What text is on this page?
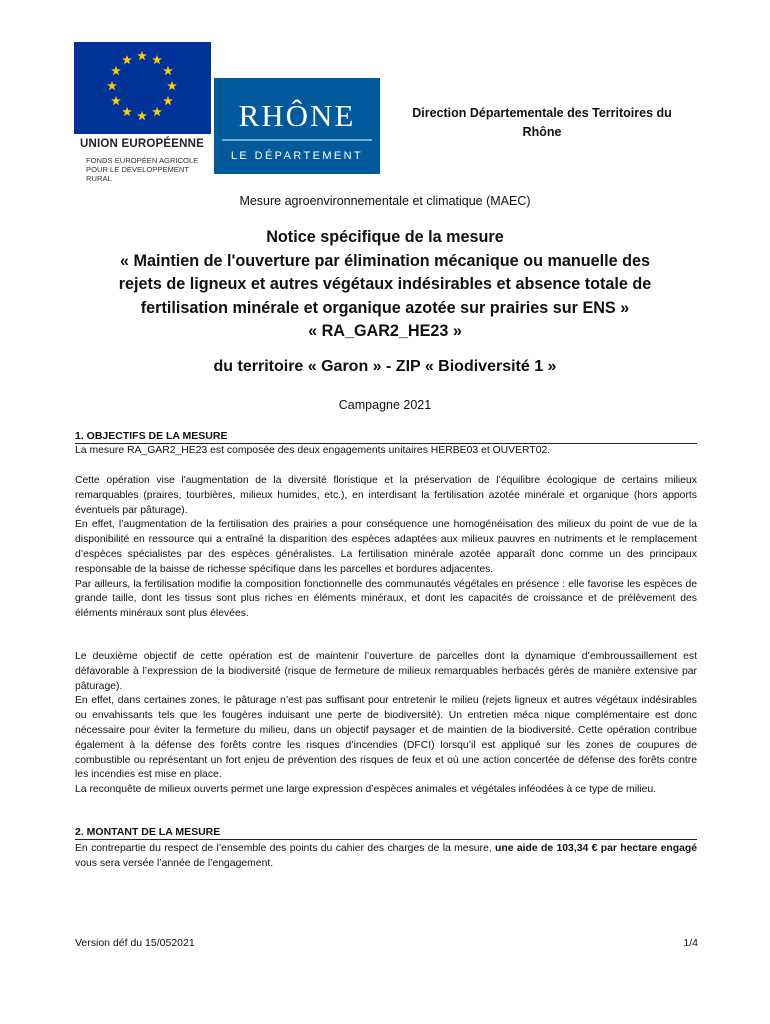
UNION EUROPÉENNE
FONDS EUROPÉEN AGRICOLE
POUR LE DÉVELOPPEMENT RURAL
RHÔNE
LE DÉPARTEMENT
Direction Départementale des Territoires du
Rhône
Mesure agroenvironnementale et climatique (MAEC)
Notice spécifique de la mesure
« Maintien de l'ouverture par élimination mécanique ou manuelle des
rejets de ligneux et autres végétaux indésirables et absence totale de
fertilisation minérale et organique azotée sur prairies sur ENS »
« RA_GAR2_HE23 »
du territoire « Garon » - ZIP « Biodiversité 1 »
Campagne 2021
1. OBJECTIFS DE LA MESURE

La mesure RA_GAR2_HE23 est composée des deux engagements unitaires HERBE03 et OUVERT02.

Cette opération vise l'augmentation de la diversité floristique et la préservation de l’équilibre écologique de certains milieux remarquables (praires, tourbières, milieux humides, etc.), en interdisant la fertilisation azotée minérale et organique (hors apports éventuels par pâturage).

En effet, l’augmentation de la fertilisation des prairies a pour conséquence une homogénéisation des milieux du point de vue de la disponibilité en ressource qui a entraîné la disparition des espèces adaptées aux milieux pauvres en nutriments et le remplacement d’espèces spécialistes par des espèces généralistes. La fertilisation minérale azotée apparaît donc comme un des principaux responsable de la baisse de richesse spécifique dans les parcelles et bordures adjacentes.

Par ailleurs, la fertilisation modifie la composition fonctionnelle des communautés végétales en présence : elle favorise les espèces de grande taille, dont les tissus sont plus riches en éléments minéraux, et dont les capacités de croissance et de prélèvement des éléments minéraux sont plus élevées.

Le deuxième objectif de cette opération est de maintenir l’ouverture de parcelles dont la dynamique d’embroussaillement est défavorable à l’expression de la biodiversité (risque de fermeture de milieux remarquables herbacés gérés de manière extensive par pâturage).

En effet, dans certaines zones, le pâturage n’est pas suffisant pour entretenir le milieu (rejets ligneux et autres végétaux indésirables ou envahissants tels que les fougères induisant une perte de biodiversité). Un entretien méca nique complémentaire est donc nécessaire pour éviter la fermeture du milieu, dans un objectif paysager et de maintien de la biodiversité. Cette opération contribue également à la défense des forêts contre les risques d’incendies (DFCI) lorsqu’il est appliqué sur les zones de coupures de combustible ou représentant un fort enjeu de prévention des risques de feux et où une action concertée de défense des forêts contre les incendies est mise en place.

La reconquête de milieux ouverts permet une large expression d’espèces animales et végétales inféodées à ce type de milieu.

2. MONTANT DE LA MESURE

En contrepartie du respect de l’ensemble des points du cahier des charges de la mesure, une aide de 103,34 € par hectare engagé vous sera versée l’année de l’engagement.

Version déf du 15/052021	1/4
